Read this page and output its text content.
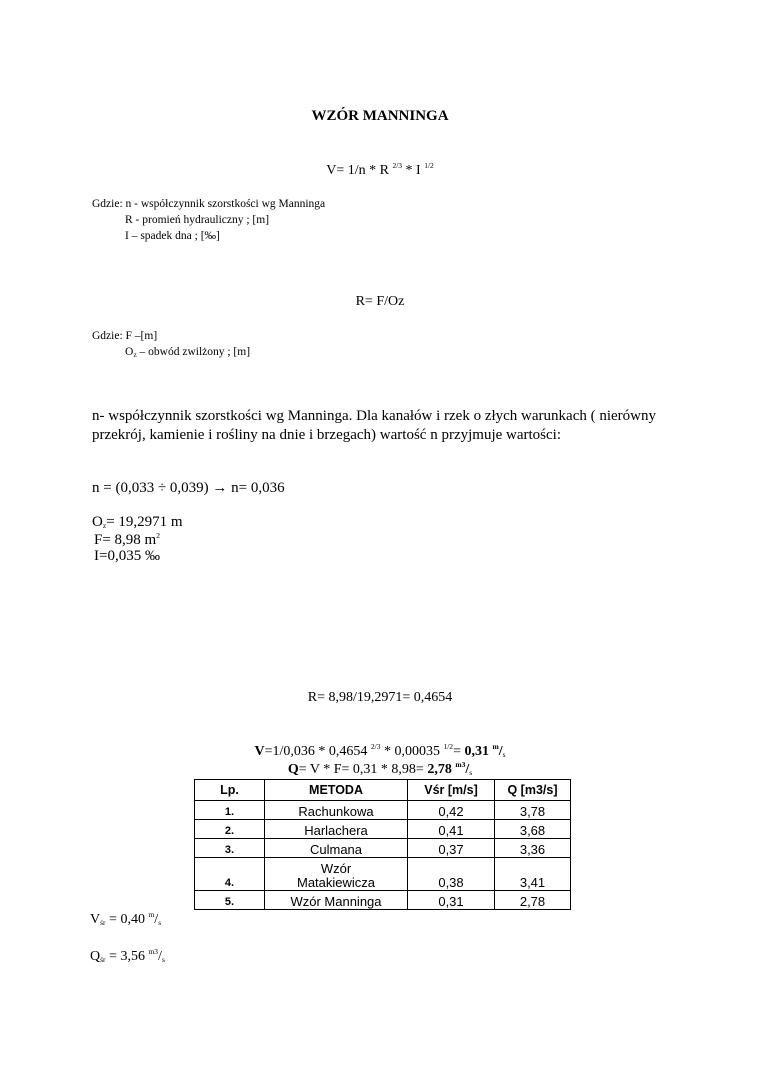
WZÓR MANNINGA
V= 1/n * R $^{2/3}$ * I $^{1/2}$
Gdzie: n - współczynnik szorstkości wg Manninga
R - promień hydrauliczny ; [m]
I – spadek dna ; [‰]
R= F/Oz
Gdzie: F –[m]
$O_z$ – obwód zwilżony ; [m]
n- współczynnik szorstkości wg Manninga. Dla kanałów i rzek o złych warunkach ( nierówny przekrój, kamienie i rośliny na dnie i brzegach) wartość n przyjmuje wartości:
n = (0,033 ÷ 0,039) → n= 0,036
$O_z= 19,2971$ m
F= 8,98 $m^2$
I=0,035 ‰
R= 8,98/19,2971= 0,4654
V=1/0,036 * 0,4654 $^{2/3}$ * 0,00035 $^{1/2}$= 0,31 $^m/_s$
Q= V * F= 0,31 * 8,98= 2,78 $^{m3}/_s$
Lp.	METODA	Vśr [m/s]	Q [m3/s]
1.	Rachunkowa	0,42	3,78
2.	Harlachera	0,41	3,68
3.	Culmana	0,37	3,36
4.	Wzór
Matakiewicza	0,38	3,41
5.	Wzór Manninga	0,31	2,78
$V_{śr} = 0,40$ $^m/_s$
$Q_{śr} = 3,56$ $^{m3}/_s$
